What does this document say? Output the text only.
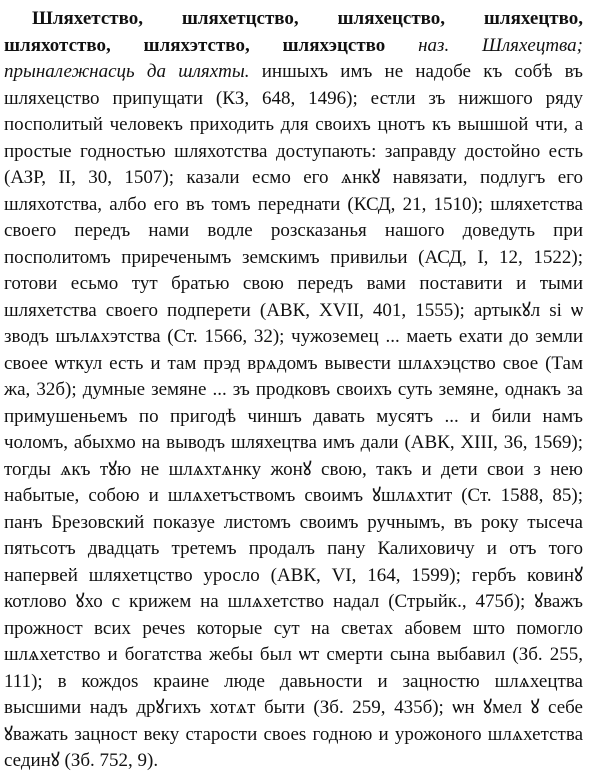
Шляхетство, шляхетцство, шляхецство, шляхецтво, шляхотство, шляхэтство, шляхэцство наз. Шляхецтва; прыналежнасць да шляхты. иншыхъ имъ не надобе къ собѣ въ шляхецство припущати (КЗ, 648, 1496); естли зъ нижшого ряду посполитый человекъ приходить для своихъ цнотъ къ вышшой чти, а простые годностью шляхотства доступають: заправду достойно есть (АЗР, II, 30, 1507); казали есмо его ѧнкꙋ навязати, подлугъ его шляхотства, албо его въ томъ переднати (КСД, 21, 1510); шляхетства своего передъ нами водле розсказанья нашого доведуть при посполитомъ приреченымъ земскимъ привильи (АСД, I, 12, 1522); готови есьмо тут братью свою передъ вами поставити и тыми шляхетства своего подперети (АВК, XVII, 401, 1555); артыкꙋл ѕі ѡ зводъ шълѧхэтства (Ст. 1566, 32); чужоземец ... маеть ехати до земли своее ѡткул есть и там прэд врѧдомъ вывести шлѧхэцство свое (Там жа, 32б); думные земяне ... зъ продковъ своихъ суть земяне, однакъ за примушеньемъ по пригодѣ чиншъ давать мусятъ ... и били намъ чоломъ, абыхмо на выводъ шляхецтва имъ дали (АВК, XIII, 36, 1569); тогды ѧкъ тꙋю не шлѧхтѧнку жонꙋ свою, такъ и дети свои з нею набытые, собою и шлѧхетъствомъ своимъ ꙋшлѧхтит (Ст. 1588, 85); панъ Брезовский показуе листомъ своимъ ручнымъ, въ року тысеча пятьсотъ двадцать третемъ продалъ пану Калиховичу и отъ того напервей шляхетцство уросло (АВК, VI, 164, 1599); гербъ ковинꙋ котлово ꙋхо с крижем на шлѧхетство надал (Стрыйк., 475б); ꙋважъ прожност всих речеѕ которые сут на светах абовем што помогло шлѧхетство и богатства жебы был ѡт смерти сына выбавил (Зб. 255, 111); в кождоѕ краине люде давьности и зацностю шлѧхецтва высшими надъ дрꙋгихъ хотѧт быти (Зб. 259, 435б); ѡн ꙋмел ꙋ себе ꙋважать зацност веку старости своеѕ годною и урожоного шлѧхетства сединꙋ (Зб. 752, 9).
